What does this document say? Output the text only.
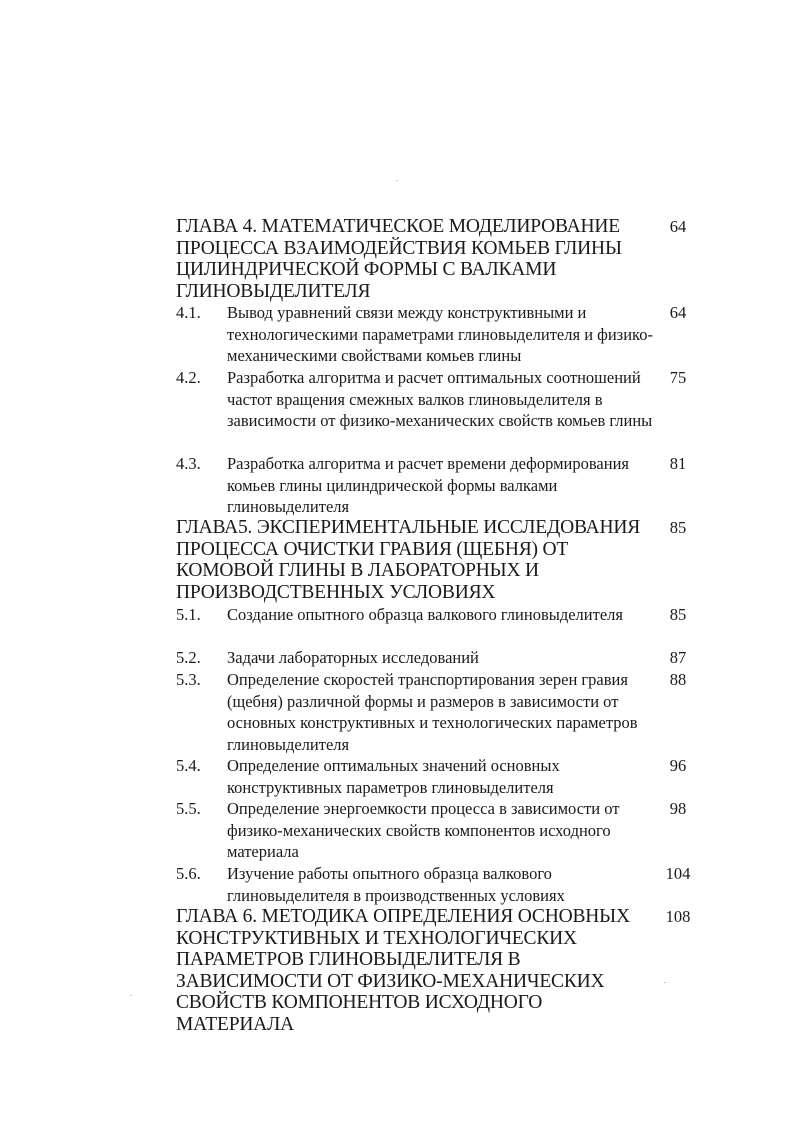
ГЛАВА 4. МАТЕМАТИЧЕСКОЕ МОДЕЛИРОВАНИЕ ПРОЦЕССА ВЗАИМОДЕЙСТВИЯ КОМЬЕВ ГЛИНЫ ЦИЛИНДРИЧЕСКОЙ ФОРМЫ С ВАЛКАМИ ГЛИНОВЫДЕЛИТЕЛЯ
64
4.1. Вывод уравнений связи между конструктивными и технологическими параметрами глиновыделителя и физико-механическими свойствами комьев глины
64
4.2. Разработка алгоритма и расчет оптимальных соотношений частот вращения смежных валков глиновыделителя в зависимости от физико-механических свойств комьев глины
75
4.3. Разработка алгоритма и расчет времени деформирования комьев глины цилиндрической формы валками глиновыделителя
81
ГЛАВА5. ЭКСПЕРИМЕНТАЛЬНЫЕ ИССЛЕДОВАНИЯ ПРОЦЕССА ОЧИСТКИ ГРАВИЯ (ЩЕБНЯ) ОТ КОМОВОЙ ГЛИНЫ В ЛАБОРАТОРНЫХ И ПРОИЗВОДСТВЕННЫХ УСЛОВИЯХ
85
5.1. Создание опытного образца валкового глиновыделителя	85
5.2. Задачи лабораторных исследований	87
5.3. Определение скоростей транспортирования зерен гравия (щебня) различной формы и размеров в зависимости от основных конструктивных и технологических параметров глиновыделителя
88
5.4. Определение оптимальных значений основных конструктивных параметров глиновыделителя
96
5.5. Определение энергоемкости процесса в зависимости от физико-механических свойств компонентов исходного материала
98
5.6. Изучение работы опытного образца валкового глиновыделителя в производственных условиях
104
ГЛАВА 6. МЕТОДИКА ОПРЕДЕЛЕНИЯ ОСНОВНЫХ КОНСТРУКТИВНЫХ И ТЕХНОЛОГИЧЕСКИХ ПАРАМЕТРОВ ГЛИНОВЫДЕЛИТЕЛЯ В ЗАВИСИМОСТИ ОТ ФИЗИКО-МЕХАНИЧЕСКИХ СВОЙСТВ КОМПОНЕНТОВ ИСХОДНОГО МАТЕРИАЛА
108
